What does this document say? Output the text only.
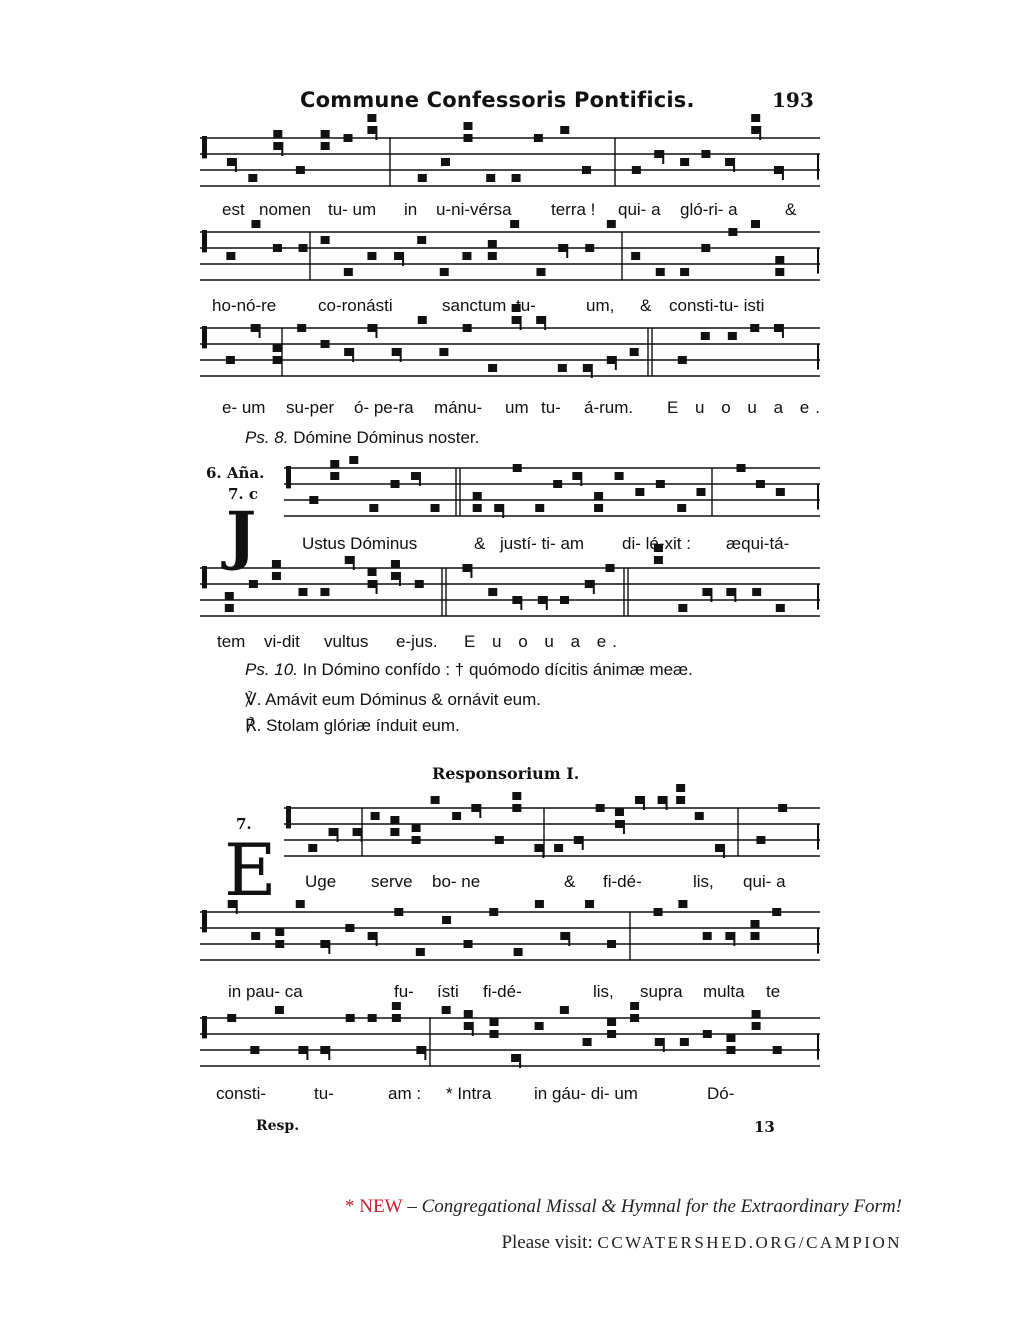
Commune Confessoris Pontificis.	193
est nomen tu- um in u-ni-vérsa terra ! qui- a gló-ri- a	&
ho-nó-re co-ronásti	sanctum tu-	um, & consti-tu- isti
e- um su-per ó- pe-ra mánu- um tu- á-rum. E u o u a e.
Ps. 8. Dómine Dóminus noster.
6. Aña.
7. c
J	Ustus Dóminus	& justí- ti- am di- lé-xit : æqui-tá-
tem vi-dit vultus e-jus. E u o u a e.
Ps. 10. In Dómino confído : † quómodo dícitis ánimæ meæ.
℣. Amávit eum Dóminus & ornávit eum.
℟. Stolam glóriæ índuit eum.
Responsorium I.
7.
E Uge serve bo- ne	& fi-dé-	lis, qui- a
in pau- ca	fu- ísti fi-dé-	lis, supra multa te
consti-	tu-	am : * Intra	in gáu- di- um	Dó-
Resp.	13
* NEW – Congregational Missal & Hymnal for the Extraordinary Form!
Please visit: CCWATERSHED.ORG/CAMPION
